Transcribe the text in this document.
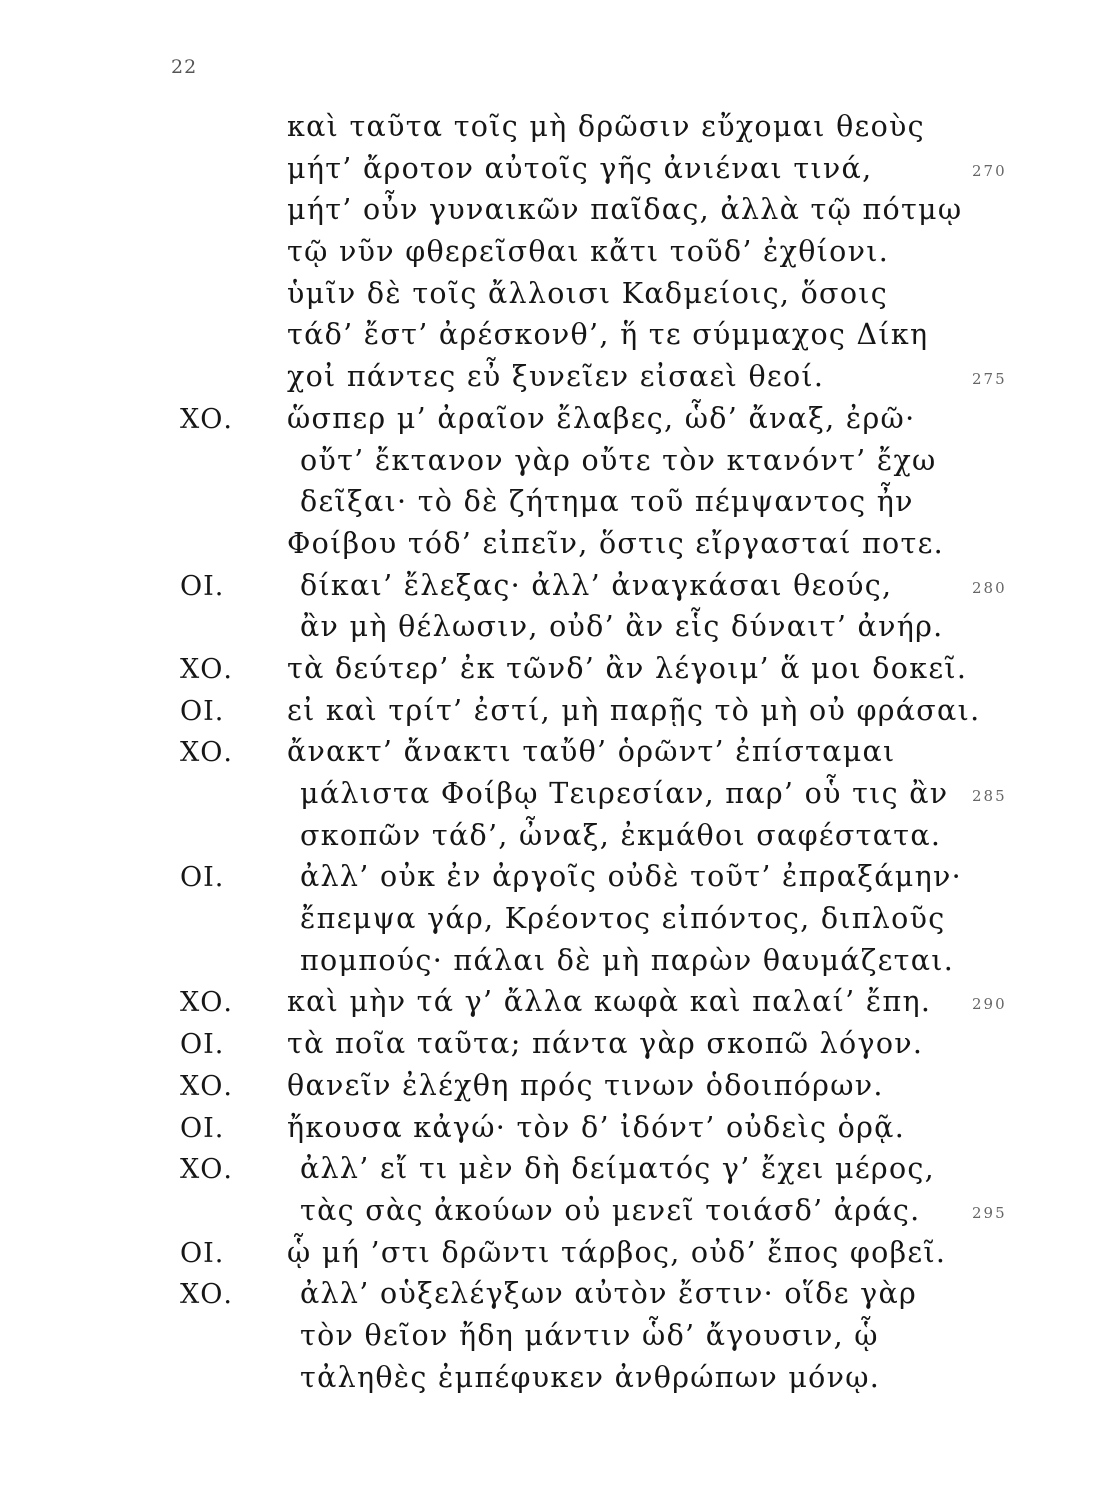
22
καὶ ταῦτα τοῖς μὴ δρῶσιν εὔχομαι θεοὺς
μήτ’ ἄροτον αὐτοῖς γῆς ἀνιέναι τινά,	270
μήτ’ οὖν γυναικῶν παῖδας, ἀλλὰ τῷ πότμῳ
τῷ νῦν φθερεῖσθαι κἄτι τοῦδ’ ἐχθίονι.
ὑμῖν δὲ τοῖς ἄλλοισι Καδμείοις, ὅσοις
τάδ’ ἔστ’ ἀρέσκονθ’, ἥ τε σύμμαχος Δίκη
χοἰ πάντες εὖ ξυνεῖεν εἰσαεὶ θεοί.	275
ΧΟ. ὥσπερ μ’ ἀραῖον ἔλαβες, ὧδ’ ἄναξ, ἐρῶ·
οὔτ’ ἔκτανον γὰρ οὔτε τὸν κτανόντ’ ἔχω
δεῖξαι· τὸ δὲ ζήτημα τοῦ πέμψαντος ἦν
Φοίβου τόδ’ εἰπεῖν, ὅστις εἴργασταί ποτε.
ΟΙ.	δίκαι’ ἔλεξας· ἀλλ’ ἀναγκάσαι θεούς,	280
ἂν μὴ θέλωσιν, οὐδ’ ἂν εἷς δύναιτ’ ἀνήρ.
ΧΟ. τὰ δεύτερ’ ἐκ τῶνδ’ ἂν λέγοιμ’ ἅ μοι δοκεῖ.
ΟΙ. εἰ καὶ τρίτ’ ἐστί, μὴ παρῇς τὸ μὴ οὐ φράσαι.
ΧΟ. ἄνακτ’ ἄνακτι ταὔθ’ ὁρῶντ’ ἐπίσταμαι
μάλιστα Φοίβῳ Τειρεσίαν, παρ’ οὗ τις ἂν 285
σκοπῶν τάδ’, ὦναξ, ἐκμάθοι σαφέστατα.
ΟΙ.	ἀλλ’ οὐκ ἐν ἀργοῖς οὐδὲ τοῦτ’ ἐπραξάμην·
ἔπεμψα γάρ, Κρέοντος εἰπόντος, διπλοῦς
πομπούς· πάλαι δὲ μὴ παρὼν θαυμάζεται.
ΧΟ. καὶ μὴν τά γ’ ἄλλα κωφὰ καὶ παλαί’ ἔπη.	290
ΟΙ. τὰ ποῖα ταῦτα; πάντα γὰρ σκοπῶ λόγον.
ΧΟ. θανεῖν ἐλέχθη πρός τινων ὁδοιπόρων.
ΟΙ. ἤκουσα κἀγώ· τὸν δ’ ἰδόντ’ οὐδεὶς ὁρᾷ.
ΧΟ. ἀλλ’ εἴ τι μὲν δὴ δείματός γ’ ἔχει μέρος,
τὰς σὰς ἀκούων οὐ μενεῖ τοιάσδ’ ἀράς.	295
ΟΙ. ᾧ μή ’στι δρῶντι τάρβος, οὐδ’ ἔπος φοβεῖ.
ΧΟ. ἀλλ’ οὑξελέγξων αὐτὸν ἔστιν· οἵδε γὰρ
τὸν θεῖον ἤδη μάντιν ὧδ’ ἄγουσιν, ᾧ
τἀληθὲς ἐμπέφυκεν ἀνθρώπων μόνῳ.
